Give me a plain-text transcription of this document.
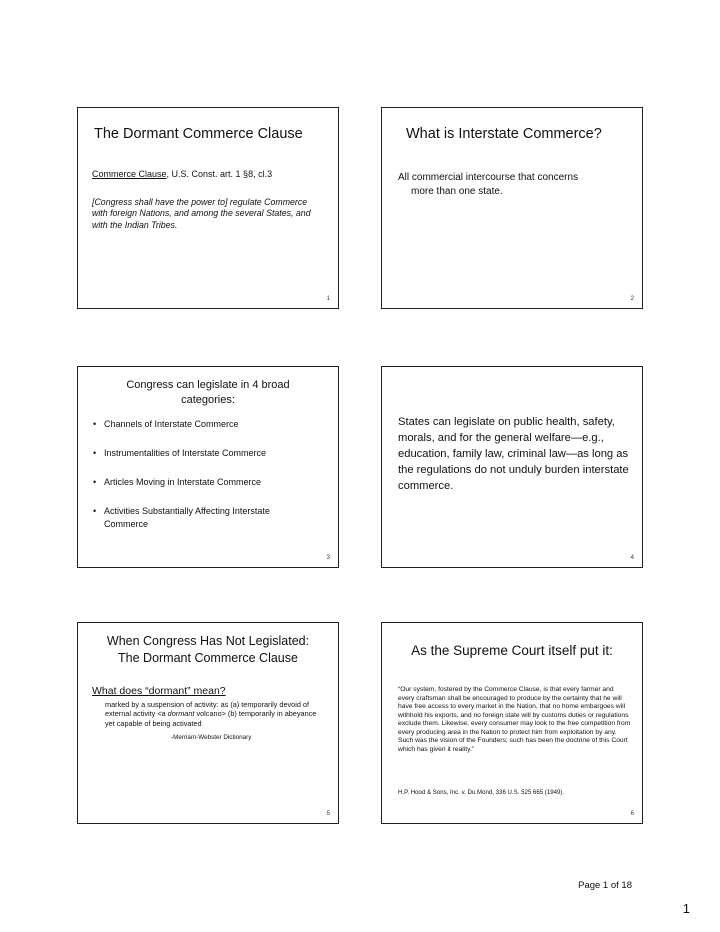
The Dormant Commerce Clause
Commerce Clause, U.S. Const. art. 1 §8, cl.3
[Congress shall have the power to] regulate Commerce with foreign Nations, and among the several States, and with the Indian Tribes.
1
What is Interstate Commerce?
All commercial intercourse that concerns
more than one state.
2
Congress can legislate in 4 broad
categories:
• Channels of Interstate Commerce
• Instrumentalities of Interstate Commerce
• Articles Moving in Interstate Commerce
• Activities Substantially Affecting Interstate Commerce
3
States can legislate on public health, safety, morals, and for the general welfare—e.g., education, family law, criminal law—as long as the regulations do not unduly burden interstate commerce.
4
When Congress Has Not Legislated:
The Dormant Commerce Clause
What does “dormant” mean?
marked by a suspension of activity: as (a) temporarily devoid of external activity <a dormant volcano> (b) temporarily in abeyance yet capable of being activated
-Merriam-Webster Dictionary
5
As the Supreme Court itself put it:
“Our system, fostered by the Commerce Clause, is that every farmer and every craftsman shall be encouraged to produce by the certainty that he will have free access to every market in the Nation, that no home embargoes will withhold his exports, and no foreign state will by customs duties or regulations exclude them. Likewise, every consumer may look to the free competition from every producing area in the Nation to protect him from exploitation by any. Such was the vision of the Founders; such has been the doctrine of this Court which has given it reality.”
H.P. Hood & Sons, Inc. v. Du Mond, 336 U.S. 525 665 (1949).
6
Page 1 of 18
1
